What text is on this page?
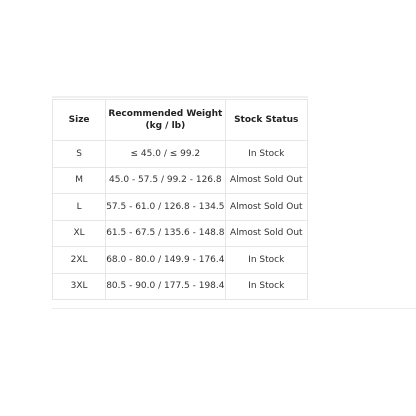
Size	Recommended Weight (kg / lb)	Stock Status
S	≤ 45.0 / ≤ 99.2	In Stock
M	45.0 - 57.5 / 99.2 - 126.8	Almost Sold Out
L	57.5 - 61.0 / 126.8 - 134.5	Almost Sold Out
XL	61.5 - 67.5 / 135.6 - 148.8	Almost Sold Out
2XL	68.0 - 80.0 / 149.9 - 176.4	In Stock
3XL	80.5 - 90.0 / 177.5 - 198.4	In Stock
